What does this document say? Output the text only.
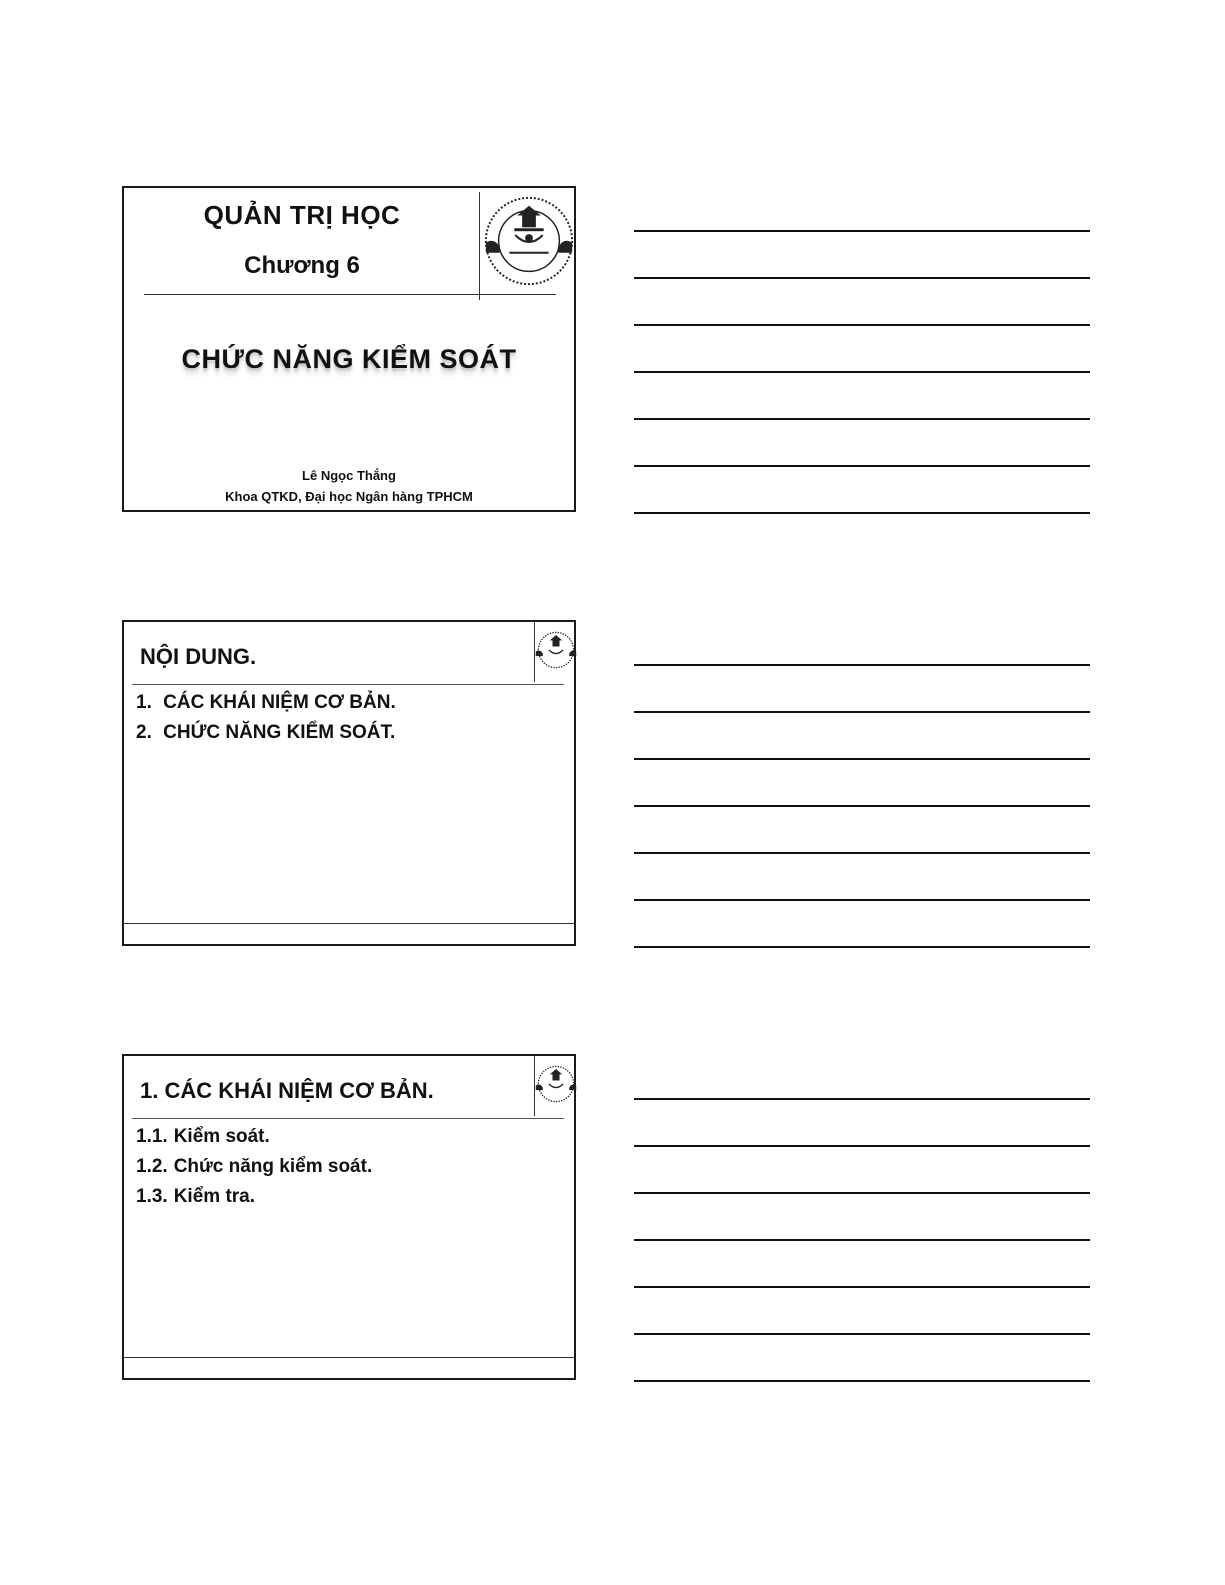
QUẢN TRỊ HỌC
Chương 6
CHỨC NĂNG KIỂM SOÁT
Lê Ngọc Thắng
Khoa QTKD, Đại học Ngân hàng TPHCM
NỘI DUNG.
1. CÁC KHÁI NIỆM CƠ BẢN.
2. CHỨC NĂNG KIỂM SOÁT.
1. CÁC KHÁI NIỆM CƠ BẢN.
1.1. Kiểm soát.
1.2. Chức năng kiểm soát.
1.3. Kiểm tra.
